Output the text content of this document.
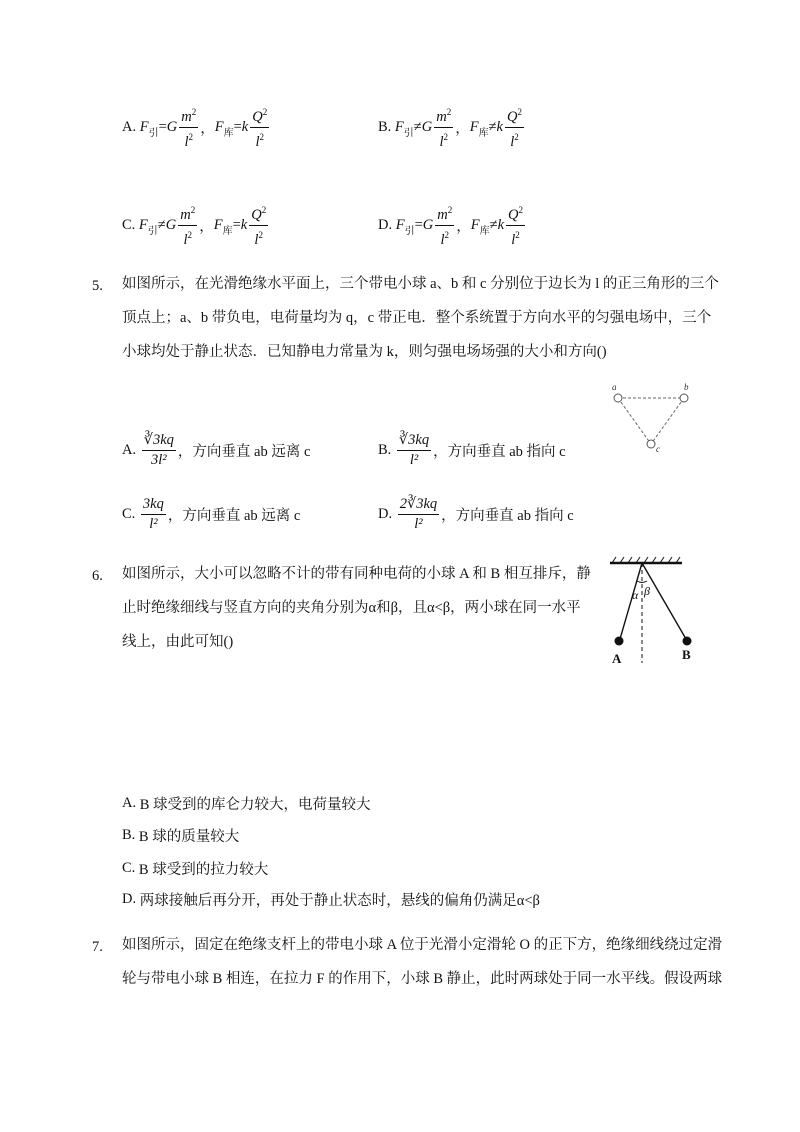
A.
F 引 = G $\frac{m^2}{l^2}$ ， F 库 = k $\frac{Q^2}{l^2}$	B.
F 引 ≠ G $\frac{m^2}{l^2}$ ， F 库 ≠ k $\frac{Q^2}{l^2}$
C.
F 引 ≠ G $\frac{m^2}{l^2}$ ， F 库 = k $\frac{Q^2}{l^2}$	D.
F 引 = G $\frac{m^2}{l^2}$ ， F 库 ≠ k $\frac{Q^2}{l^2}$
5. 如图所示，在光滑绝缘水平面上，三个带电小球 a、b 和 c 分别位于边长为 l 的正三角形的三个
顶点上；a、b 带负电，电荷量均为 q，c 带正电．整个系统置于方向水平的匀强电场中，三个
小球均处于静止状态．已知静电力常量为 k，则匀强电场场强的大小和方向()
a	b
c
A.
$\frac{∛3kq}{\text{3l²}}$ ，方向垂直 ab 远离 c	B.
$\frac{∛3kq}{\text{l²}}$ ，方向垂直 ab 指向 c
C.
$\frac{3kq}{\text{l²}}$ ，方向垂直 ab 远离 c	D.
$\frac{2∛3kq}{\text{l²}}$ ，方向垂直 ab 指向 c
6. 如图所示，大小可以忽略不计的带有同种电荷的小球 A 和 B 相互排斥，静
止时绝缘细线与竖直方向的夹角分别为α和β，且α<β，两小球在同一水平
线上，由此可知()
α β
A	B
A.
B 球受到的库仑力较大，电荷量较大
B.
B 球的质量较大
C.
B 球受到的拉力较大
D.
两球接触后再分开，再处于静止状态时，悬线的偏角仍满足α<β
7. 如图所示，固定在绝缘支杆上的带电小球 A 位于光滑小定滑轮 O 的正下方，绝缘细线绕过定滑
轮与带电小球 B 相连，在拉力 F 的作用下，小球 B 静止，此时两球处于同一水平线。假设两球
